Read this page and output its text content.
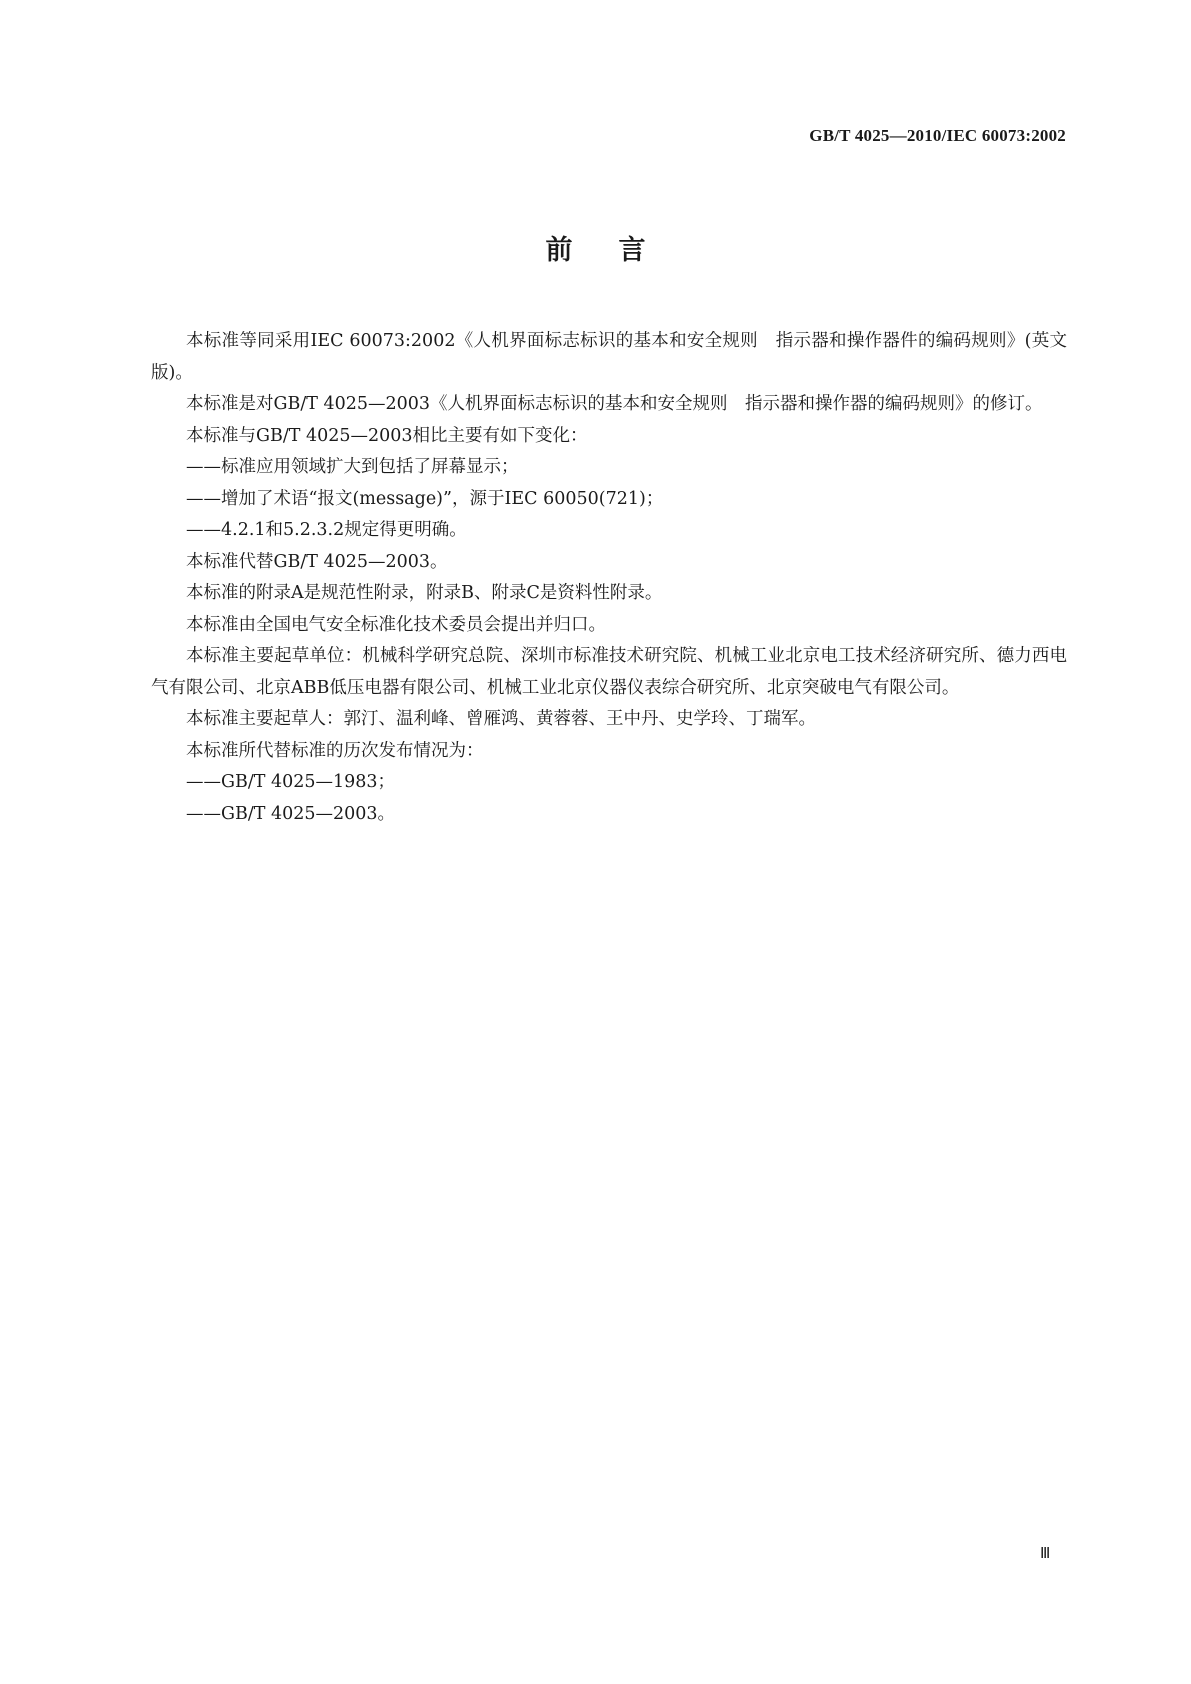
GB/T 4025—2010/IEC 60073:2002
前言

本标准等同采用IEC 60073:2002《人机界面标志标识的基本和安全规则　指示器和操作器件的编码规则》(英文版)。

本标准是对GB/T 4025—2003《人机界面标志标识的基本和安全规则　指示器和操作器的编码规则》的修订。

本标准与GB/T 4025—2003相比主要有如下变化：

——标准应用领域扩大到包括了屏幕显示；

——增加了术语“报文(message)”，源于IEC 60050(721)；

——4.2.1和5.2.3.2规定得更明确。

本标准代替GB/T 4025—2003。

本标准的附录A是规范性附录，附录B、附录C是资料性附录。

本标准由全国电气安全标准化技术委员会提出并归口。

本标准主要起草单位：机械科学研究总院、深圳市标准技术研究院、机械工业北京电工技术经济研究所、德力西电气有限公司、北京ABB低压电器有限公司、机械工业北京仪器仪表综合研究所、北京突破电气有限公司。

本标准主要起草人：郭汀、温利峰、曾雁鸿、黄蓉蓉、王中丹、史学玲、丁瑞军。

本标准所代替标准的历次发布情况为：

——GB/T 4025—1983；

——GB/T 4025—2003。

Ⅲ
